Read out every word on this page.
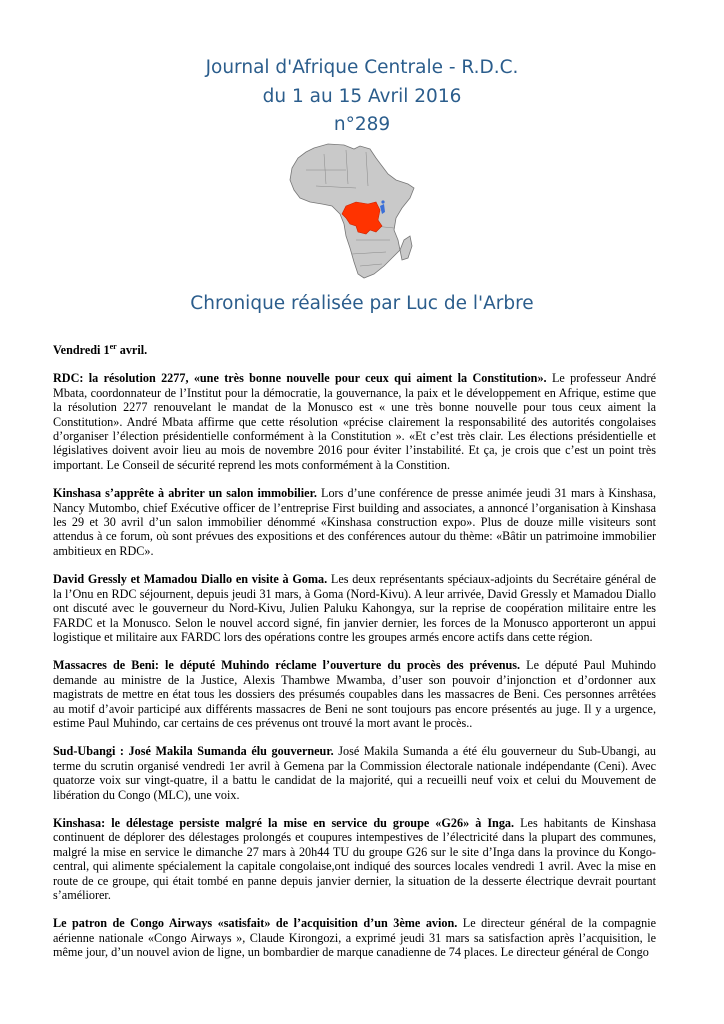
Journal d'Afrique Centrale - R.D.C.
du 1 au 15 Avril 2016
n°289
Chronique réalisée par Luc de l'Arbre

Vendredi 1er avril.

RDC: la résolution 2277, «une très bonne nouvelle pour ceux qui aiment la Constitution». Le professeur André Mbata, coordonnateur de l’Institut pour la démocratie, la gouvernance, la paix et le développement en Afrique, estime que la résolution 2277 renouvelant le mandat de la Monusco est « une très bonne nouvelle pour tous ceux aiment la Constitution». André Mbata affirme que cette résolution «précise clairement la responsabilité des autorités congolaises d’organiser l’élection présidentielle conformément à la Constitution ». «Et c’est très clair. Les élections présidentielle et législatives doivent avoir lieu au mois de novembre 2016 pour éviter l’instabilité. Et ça, je crois que c’est un point très important. Le Conseil de sécurité reprend les mots conformément à la Constition.

Kinshasa s’apprête à abriter un salon immobilier. Lors d’une conférence de presse animée jeudi 31 mars à Kinshasa, Nancy Mutombo, chief Exécutive officer de l’entreprise First building and associates, a annoncé l’organisation à Kinshasa les 29 et 30 avril d’un salon immobilier dénommé «Kinshasa construction expo». Plus de douze mille visiteurs sont attendus à ce forum, où sont prévues des expositions et des conférences autour du thème: «Bâtir un patrimoine immobilier ambitieux en RDC».

David Gressly et Mamadou Diallo en visite à Goma. Les deux représentants spéciaux-adjoints du Secrétaire général de la l’Onu en RDC séjournent, depuis jeudi 31 mars, à Goma (Nord-Kivu). A leur arrivée, David Gressly et Mamadou Diallo ont discuté avec le gouverneur du Nord-Kivu, Julien Paluku Kahongya, sur la reprise de coopération militaire entre les FARDC et la Monusco. Selon le nouvel accord signé, fin janvier dernier, les forces de la Monusco apporteront un appui logistique et militaire aux FARDC lors des opérations contre les groupes armés encore actifs dans cette région.

Massacres de Beni: le député Muhindo réclame l’ouverture du procès des prévenus. Le député Paul Muhindo demande au ministre de la Justice, Alexis Thambwe Mwamba, d’user son pouvoir d’injonction et d’ordonner aux magistrats de mettre en état tous les dossiers des présumés coupables dans les massacres de Beni. Ces personnes arrêtées au motif d’avoir participé aux différents massacres de Beni ne sont toujours pas encore présentés au juge. Il y a urgence, estime Paul Muhindo, car certains de ces prévenus ont trouvé la mort avant le procès..

Sud-Ubangi : José Makila Sumanda élu gouverneur. José Makila Sumanda a été élu gouverneur du Sub-Ubangi, au terme du scrutin organisé vendredi 1er avril à Gemena par la Commission électorale nationale indépendante (Ceni). Avec quatorze voix sur vingt-quatre, il a battu le candidat de la majorité, qui a recueilli neuf voix et celui du Mouvement de libération du Congo (MLC), une voix.

Kinshasa: le délestage persiste malgré la mise en service du groupe «G26» à Inga. Les habitants de Kinshasa continuent de déplorer des délestages prolongés et coupures intempestives de l’électricité dans la plupart des communes, malgré la mise en service le dimanche 27 mars à 20h44 TU du groupe G26 sur le site d’Inga dans la province du Kongo-central, qui alimente spécialement la capitale congolaise,ont indiqué des sources locales vendredi 1 avril. Avec la mise en route de ce groupe, qui était tombé en panne depuis janvier dernier, la situation de la desserte électrique devrait pourtant s’améliorer.

Le patron de Congo Airways «satisfait» de l’acquisition d’un 3ème avion. Le directeur général de la compagnie aérienne nationale «Congo Airways », Claude Kirongozi, a exprimé jeudi 31 mars sa satisfaction après l’acquisition, le même jour, d’un nouvel avion de ligne, un bombardier de marque canadienne de 74 places. Le directeur général de Congo
